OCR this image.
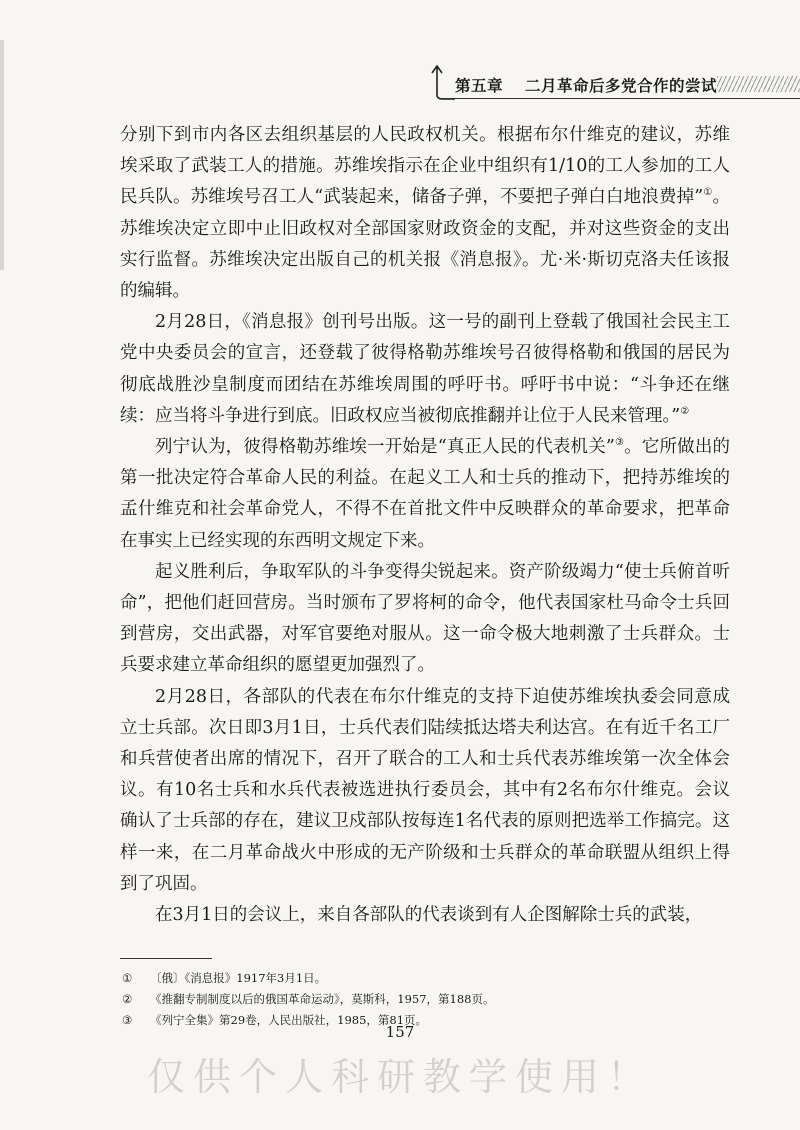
第五章 二月革命后多党合作的尝试

分别下到市内各区去组织基层的人民政权机关。根据布尔什维克的建议，苏维埃采取了武装工人的措施。苏维埃指示在企业中组织有1/10的工人参加的工人民兵队。苏维埃号召工人“武装起来，储备子弹，不要把子弹白白地浪费掉”①。苏维埃决定立即中止旧政权对全部国家财政资金的支配，并对这些资金的支出实行监督。苏维埃决定出版自己的机关报《消息报》。尤·米·斯切克洛夫任该报的编辑。

2月28日，《消息报》创刊号出版。这一号的副刊上登载了俄国社会民主工党中央委员会的宣言，还登载了彼得格勒苏维埃号召彼得格勒和俄国的居民为彻底战胜沙皇制度而团结在苏维埃周围的呼吁书。呼吁书中说：“斗争还在继续：应当将斗争进行到底。旧政权应当被彻底推翻并让位于人民来管理。”②

列宁认为，彼得格勒苏维埃一开始是“真正人民的代表机关”③。它所做出的第一批决定符合革命人民的利益。在起义工人和士兵的推动下，把持苏维埃的孟什维克和社会革命党人，不得不在首批文件中反映群众的革命要求，把革命在事实上已经实现的东西明文规定下来。

起义胜利后，争取军队的斗争变得尖锐起来。资产阶级竭力“使士兵俯首听命”，把他们赶回营房。当时颁布了罗将柯的命令，他代表国家杜马命令士兵回到营房，交出武器，对军官要绝对服从。这一命令极大地刺激了士兵群众。士兵要求建立革命组织的愿望更加强烈了。

2月28日，各部队的代表在布尔什维克的支持下迫使苏维埃执委会同意成立士兵部。次日即3月1日，士兵代表们陆续抵达塔夫利达宫。在有近千名工厂和兵营使者出席的情况下，召开了联合的工人和士兵代表苏维埃第一次全体会议。有10名士兵和水兵代表被选进执行委员会，其中有2名布尔什维克。会议确认了士兵部的存在，建议卫戍部队按每连1名代表的原则把选举工作搞完。这样一来，在二月革命战火中形成的无产阶级和士兵群众的革命联盟从组织上得到了巩固。

在3月1日的会议上，来自各部队的代表谈到有人企图解除士兵的武装，

① 〔俄〕《消息报》1917年3月1日。
② 《推翻专制制度以后的俄国革命运动》，莫斯科，1957，第188页。
③ 《列宁全集》第29卷，人民出版社，1985，第81页。
157
仅供个人科研教学使用！
